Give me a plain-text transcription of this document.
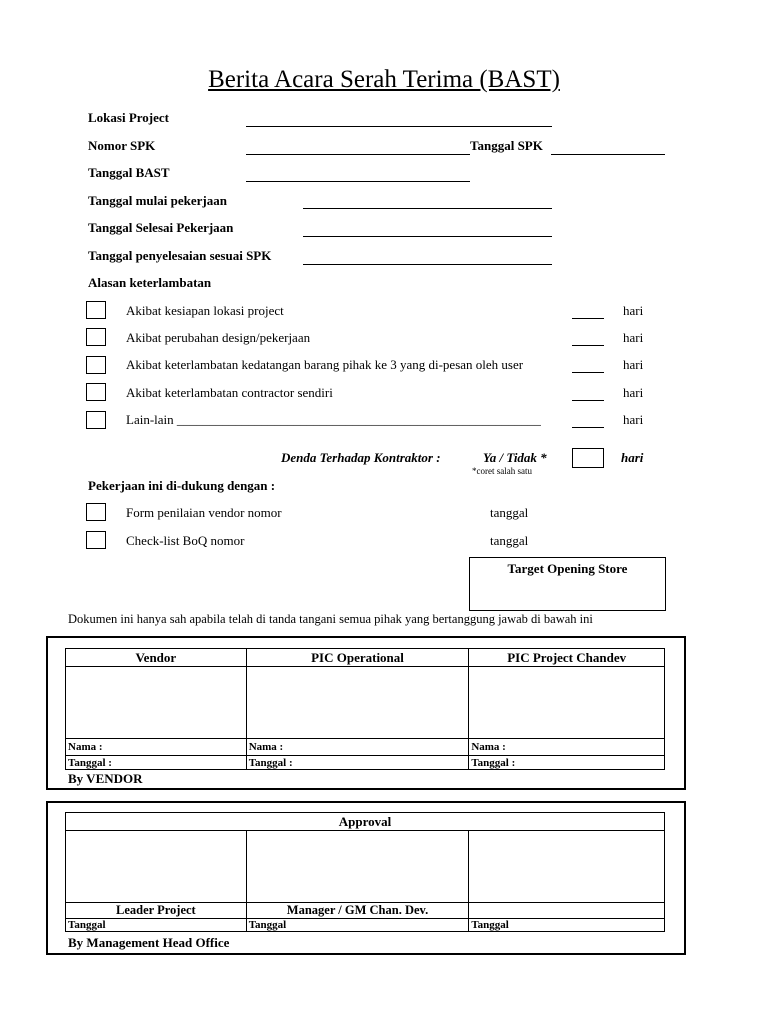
Berita Acara Serah Terima (BAST)
Lokasi Project
Nomor SPK	Tanggal SPK
Tanggal BAST
Tanggal mulai pekerjaan
Tanggal Selesai Pekerjaan
Tanggal penyelesaian sesuai SPK
Alasan keterlambatan
Akibat kesiapan lokasi project	hari
Akibat perubahan design/pekerjaan	hari
Akibat keterlambatan kedatangan barang pihak ke 3 yang di-pesan oleh user	hari
Akibat keterlambatan contractor sendiri	hari
Lain-lain ________________________________________________________	hari
Denda Terhadap Kontraktor :	Ya / Tidak *
*coret salah satu
hari
Pekerjaan ini di-dukung dengan :
Form penilaian vendor nomor	tanggal
Check-list BoQ nomor	tanggal
Target Opening Store
Dokumen ini hanya sah apabila telah di tanda tangani semua pihak yang bertanggung jawab di bawah ini
Vendor	PIC Operational	PIC Project Chandev

Nama :	Nama :	Nama :
Tanggal :	Tanggal :	Tanggal :
By VENDOR
Approval		

Leader Project	Manager / GM Chan. Dev.	
Tanggal	Tanggal	Tanggal
By Management Head Office
